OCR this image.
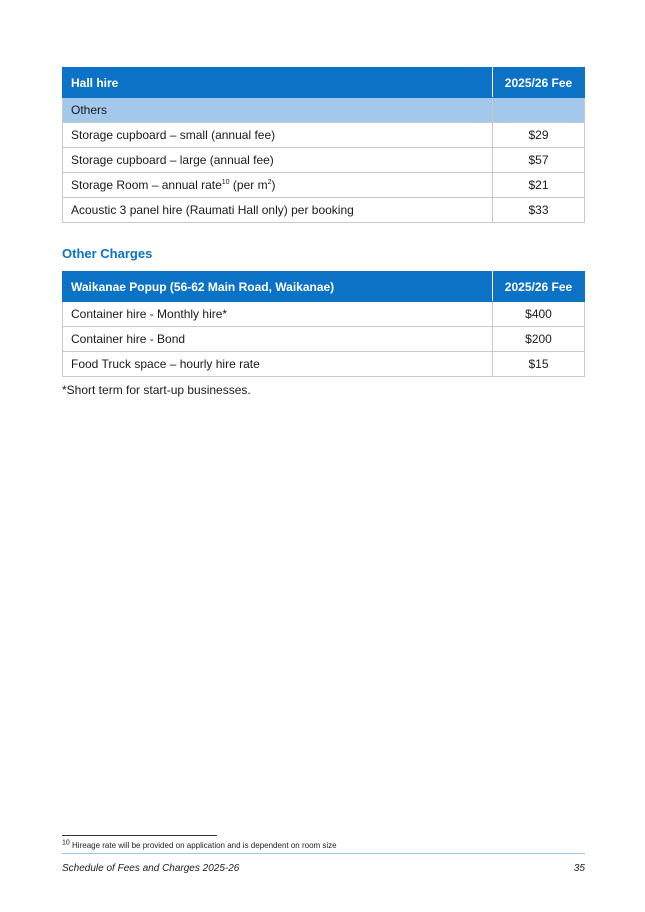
Hall hire	2025/26 Fee
Others	
Storage cupboard – small (annual fee)	$29
Storage cupboard – large (annual fee)	$57
Storage Room – annual rate$^{10}$ (per $m^2$)	$21
Acoustic 3 panel hire (Raumati Hall only) per booking	$33
Other Charges
Waikanae Popup (56-62 Main Road, Waikanae)	2025/26 Fee
Container hire - Monthly hire*	$400
Container hire - Bond	$200
Food Truck space – hourly hire rate	$15

*Short term for start-up businesses.

$^{10}$ Hireage rate will be provided on application and is dependent on room size

Schedule of Fees and Charges 2025-26	35
